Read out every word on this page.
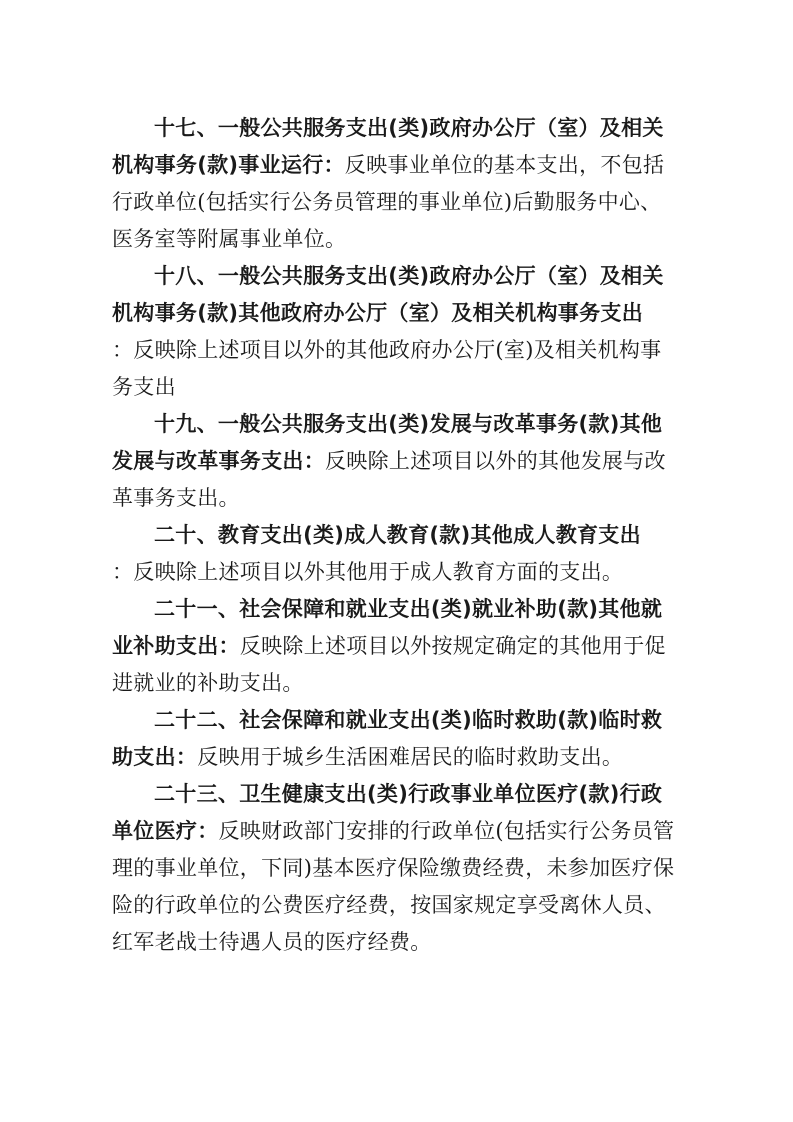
十七、一般公共服务支出(类)政府办公厅（室）及相关
机构事务(款)事业运行：反映事业单位的基本支出，不包括
行政单位(包括实行公务员管理的事业单位)后勤服务中心、
医务室等附属事业单位。

十八、一般公共服务支出(类)政府办公厅（室）及相关
机构事务(款)其他政府办公厅（室）及相关机构事务支出
：反映除上述项目以外的其他政府办公厅(室)及相关机构事
务支出

十九、一般公共服务支出(类)发展与改革事务(款)其他
发展与改革事务支出：反映除上述项目以外的其他发展与改
革事务支出。

二十、教育支出(类)成人教育(款)其他成人教育支出
：反映除上述项目以外其他用于成人教育方面的支出。

二十一、社会保障和就业支出(类)就业补助(款)其他就
业补助支出：反映除上述项目以外按规定确定的其他用于促
进就业的补助支出。

二十二、社会保障和就业支出(类)临时救助(款)临时救
助支出：反映用于城乡生活困难居民的临时救助支出。

二十三、卫生健康支出(类)行政事业单位医疗(款)行政
单位医疗：反映财政部门安排的行政单位(包括实行公务员管
理的事业单位，下同)基本医疗保险缴费经费，未参加医疗保
险的行政单位的公费医疗经费，按国家规定享受离休人员、
红军老战士待遇人员的医疗经费。
